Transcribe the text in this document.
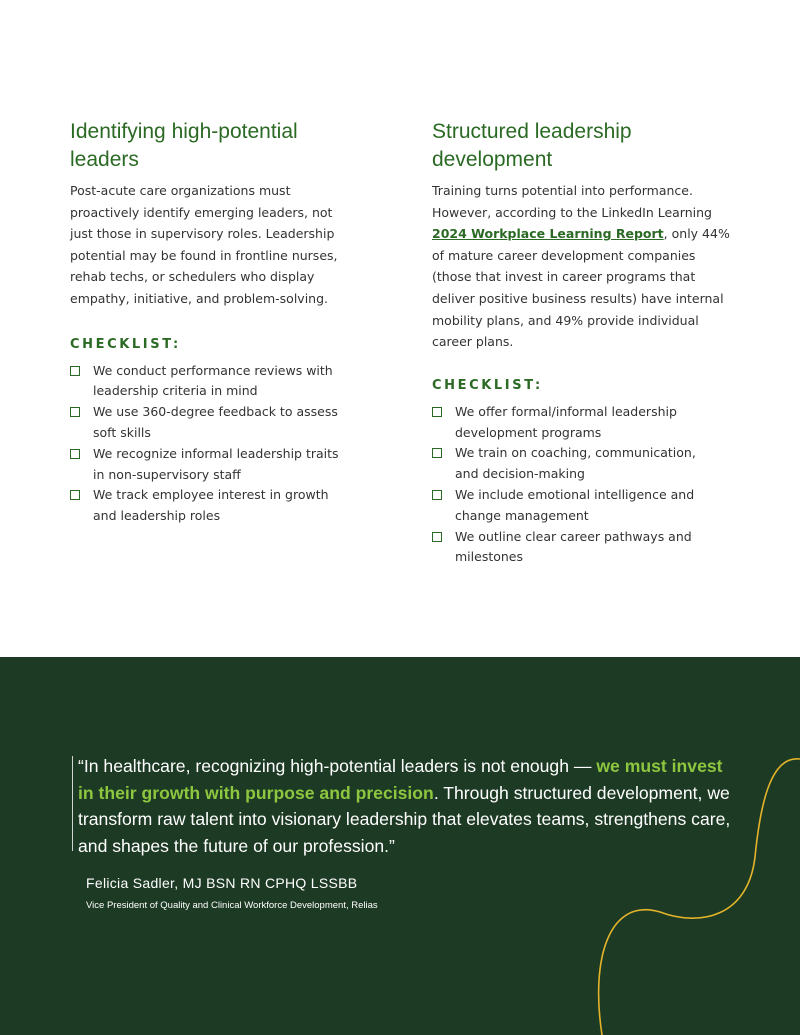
Identifying high-potential leaders

Post-acute care organizations must proactively identify emerging leaders, not just those in supervisory roles. Leadership potential may be found in frontline nurses, rehab techs, or schedulers who display empathy, initiative, and problem-solving.

CHECKLIST:
We conduct performance reviews with leadership criteria in mind
We use 360-degree feedback to assess soft skills
We recognize informal leadership traits in non-supervisory staff
We track employee interest in growth and leadership roles
Structured leadership development

Training turns potential into performance. However, according to the LinkedIn Learning 2024 Workplace Learning Report, only 44% of mature career development companies (those that invest in career programs that deliver positive business results) have internal mobility plans, and 49% provide individual career plans.

CHECKLIST:
We offer formal/informal leadership development programs
We train on coaching, communication, and decision-making
We include emotional intelligence and change management
We outline clear career pathways and milestones

“In healthcare, recognizing high-potential leaders is not enough — we must invest in their growth with purpose and precision. Through structured development, we transform raw talent into visionary leadership that elevates teams, strengthens care, and shapes the future of our profession.”

Felicia Sadler, MJ BSN RN CPHQ LSSBB

Vice President of Quality and Clinical Workforce Development, Relias
